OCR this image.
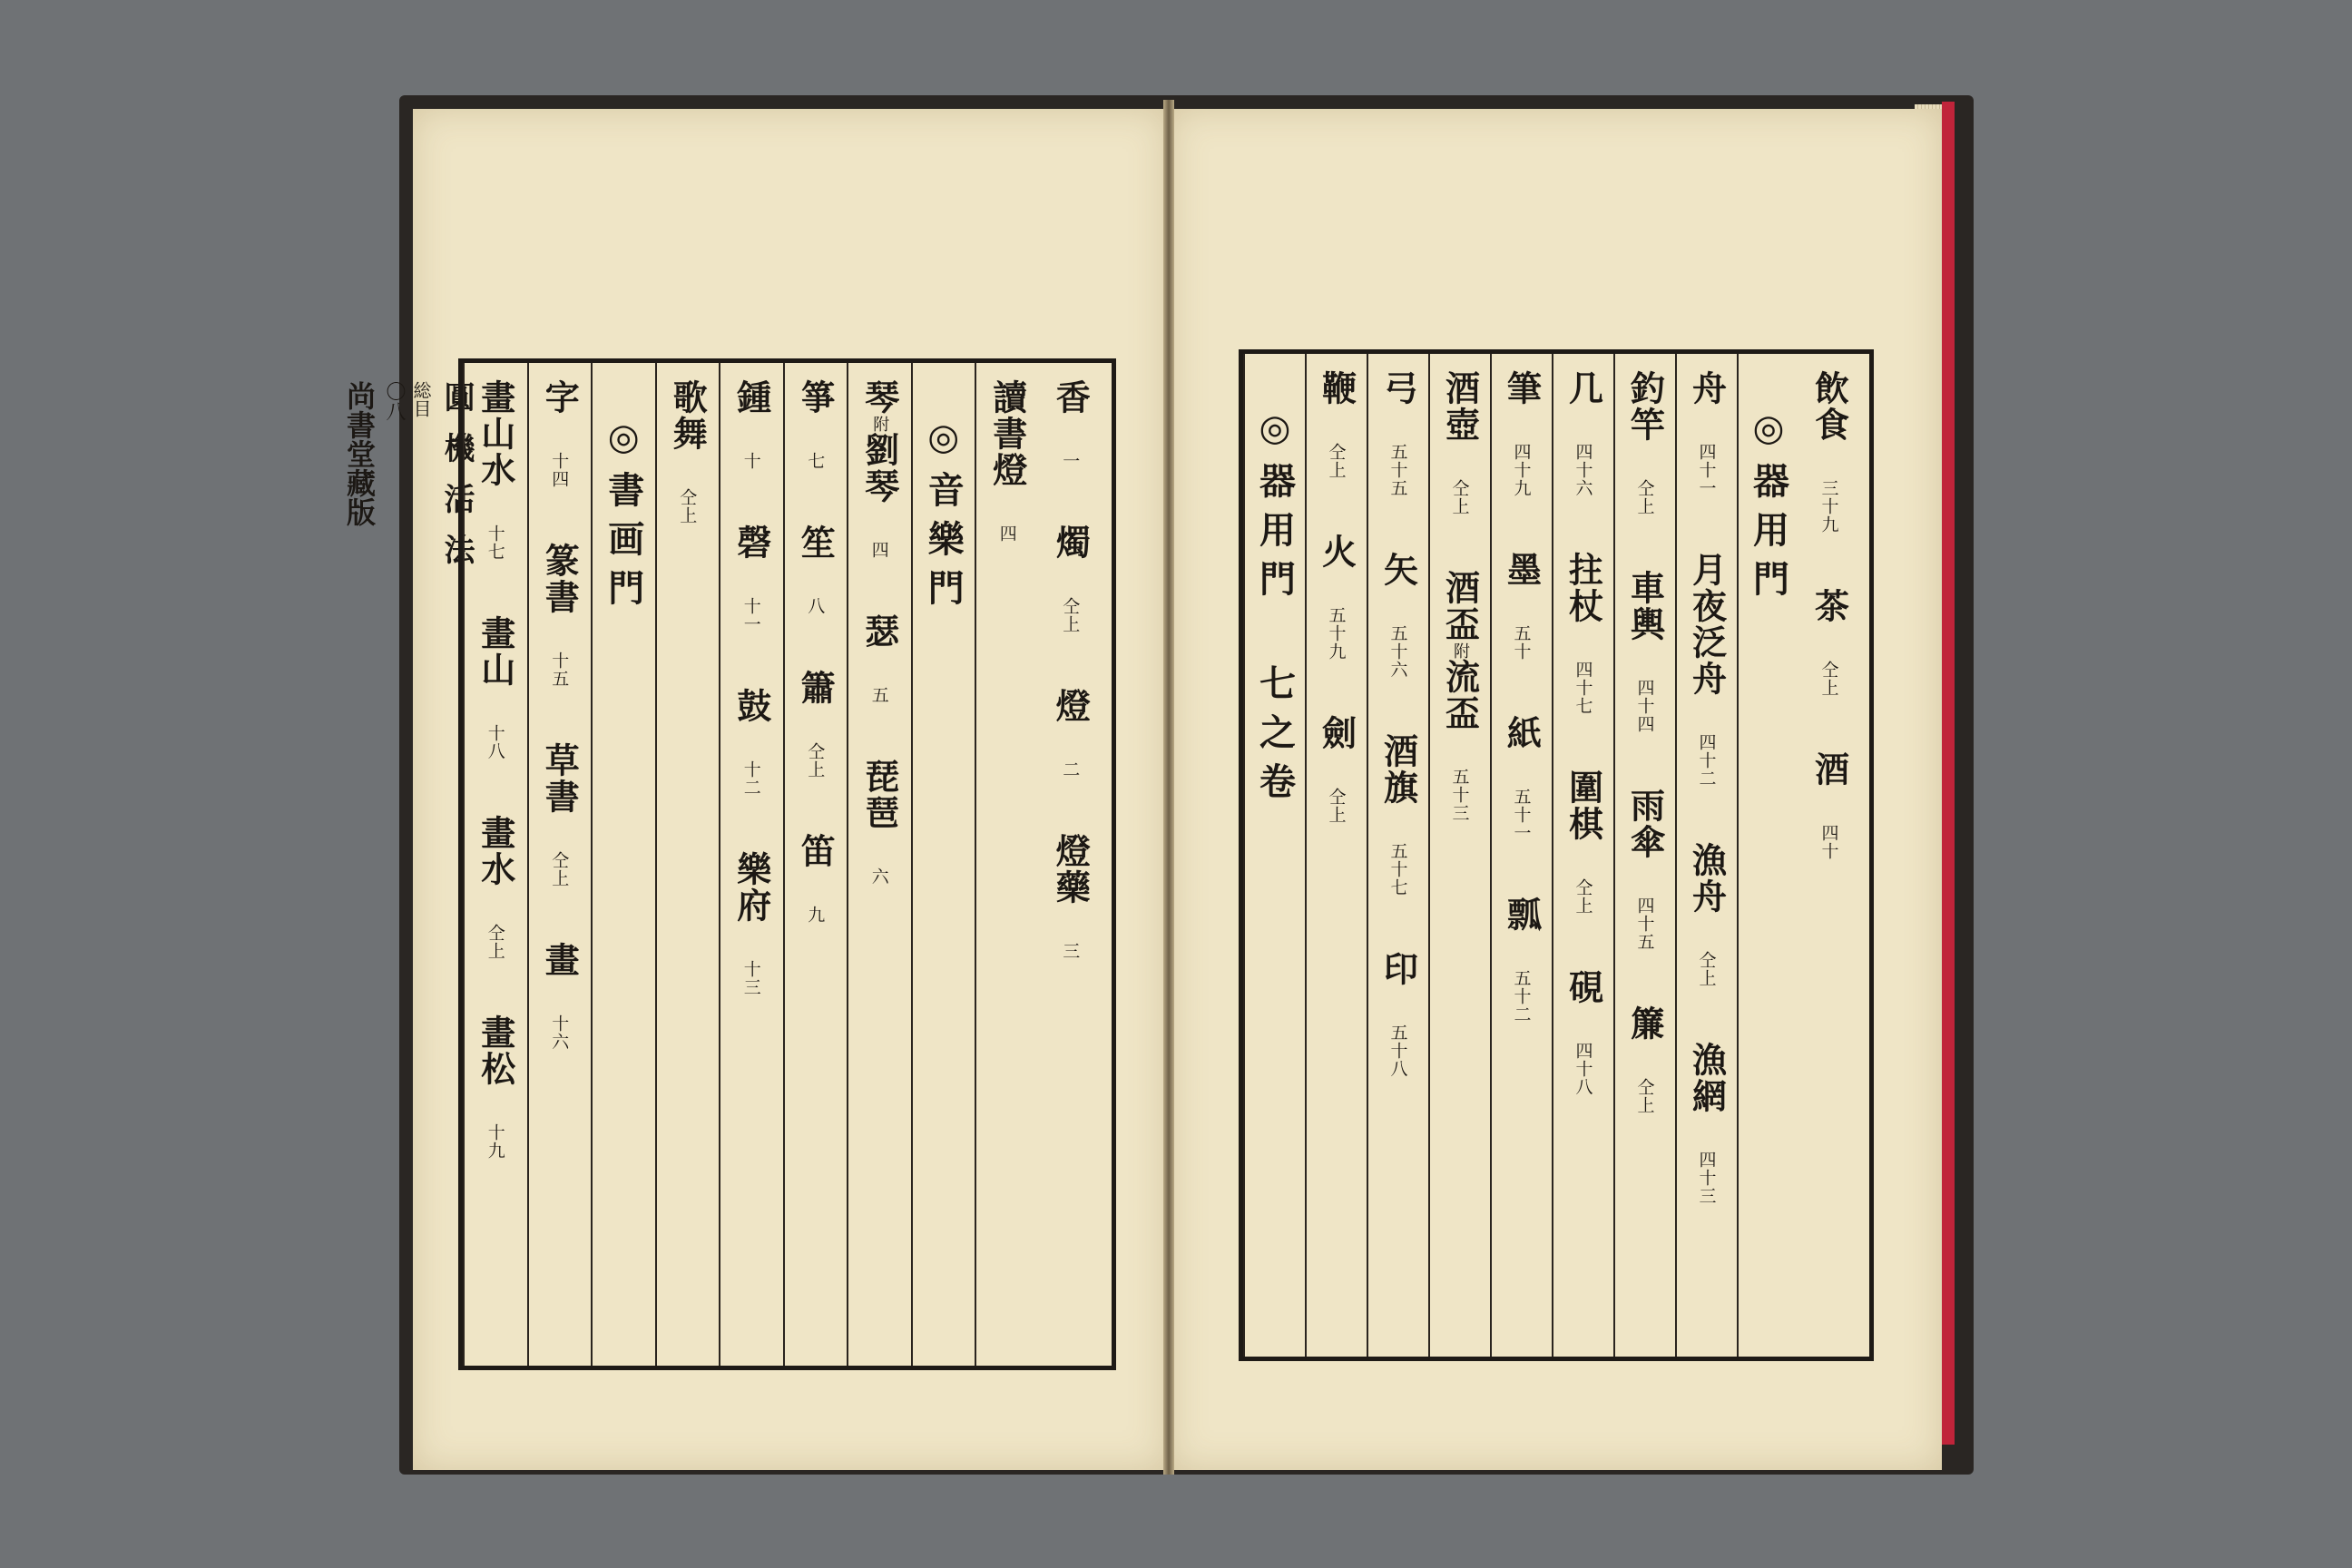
圓機活法
総目
〇八
尚書堂藏版	香
一
燭
仝上
燈
二
燈藥
三
讀書燈
四
◎音樂門
琴
附
劉琴
四
瑟
五
琵琶
六
箏
七
笙
八
簫
仝上
笛
九
鍾
十
磬
十一
鼓
十二
樂府
十三
歌舞
仝上
◎書画門
字
十四
篆書
十五
草書
仝上
畫
十六
畫山水
十七
畫山
十八
畫水
仝上
畫松
十九
飲食
三十九
茶
仝上
酒
四十
◎器用門
舟
四十一
月夜泛舟
四十二
漁舟
仝上
漁網
四十三
釣竿
仝上
車輿
四十四
雨傘
四十五
簾
仝上
几
四十六
拄杖
四十七
圍棋
仝上
硯
四十八
筆
四十九
墨
五十
紙
五十一
瓢
五十二
酒壺
仝上
酒盃
附
流盃
五十三
弓
五十五
矢
五十六
酒旗
五十七
印
五十八
鞭
仝上
火
五十九
劍
仝上
◎器用門 七之卷
